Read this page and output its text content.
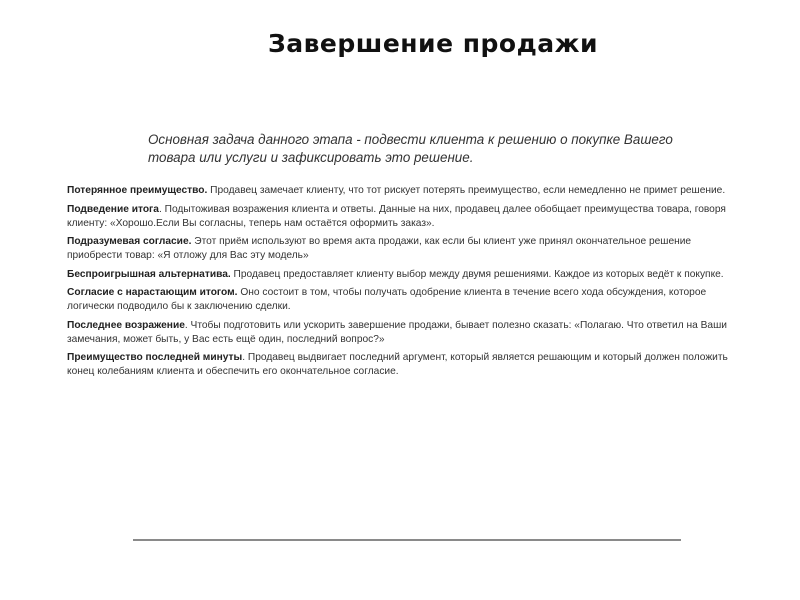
Завершение продажи
Основная задача данного этапа - подвести клиента к решению о покупке Вашего товара или услуги и зафиксировать это решение.

Потерянное преимущество. Продавец замечает клиенту, что тот рискует потерять преимущество, если немедленно не примет решение.

Подведение итога. Подытоживая возражения клиента и ответы. Данные на них, продавец далее обобщает преимущества товара, говоря клиенту: «Хорошо.Если Вы согласны, теперь нам остаётся оформить заказ».

Подразумевая согласие. Этот приём используют во время акта продажи, как если бы клиент уже принял окончательное решение приобрести товар: «Я отложу для Вас эту модель»

Беспроигрышная альтернатива. Продавец предоставляет клиенту выбор между двумя решениями. Каждое из которых ведёт к покупке.

Согласие с нарастающим итогом. Оно состоит в том, чтобы получать одобрение клиента в течение всего хода обсуждения, которое логически подводило бы к заключению сделки.

Последнее возражение. Чтобы подготовить или ускорить завершение продажи, бывает полезно сказать: «Полагаю. Что ответил на Ваши замечания, может быть, у Вас есть ещё один, последний вопрос?»

Преимущество последней минуты. Продавец выдвигает последний аргумент, который является решающим и который должен положить конец колебаниям клиента и обеспечить его окончательное согласие.
